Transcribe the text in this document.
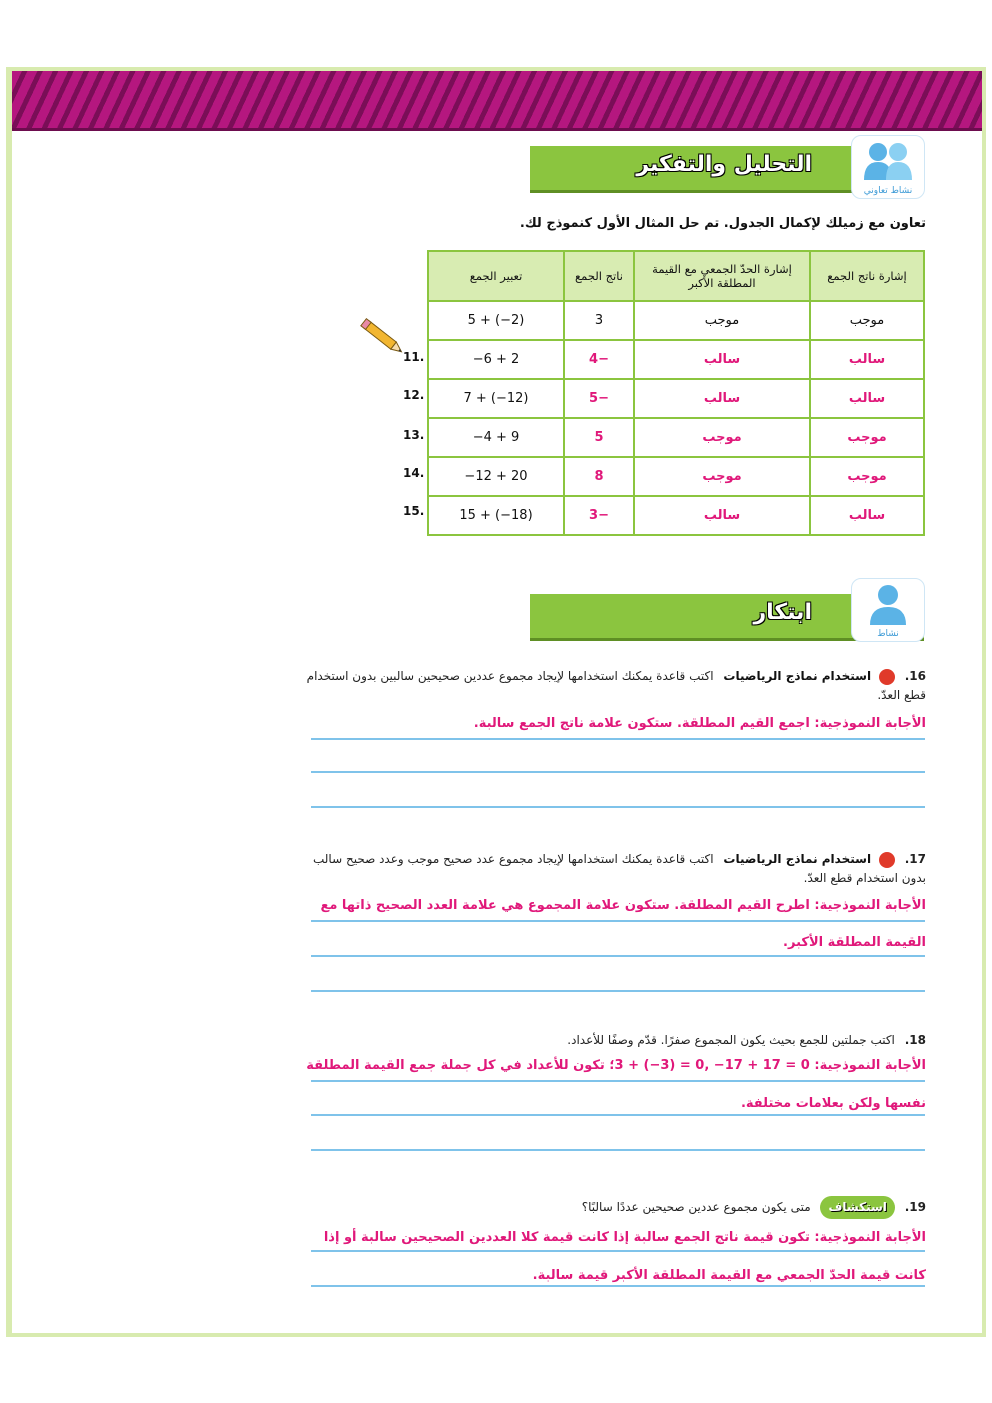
التحليل والتفكير
نشاط تعاوني
تعاون مع زميلك لإكمال الجدول. تم حل المثال الأول كنموذج لك.
إشارة ناتج الجمع	إشارة الحدّ الجمعي مع القيمة المطلقة الأكبر	ناتج الجمع	تعبير الجمع
موجب	موجب	3	5 + (−2)
سالب	سالب	−4	−6 + 2
سالب	سالب	−5	7 + (−12)
موجب	موجب	5	−4 + 9
موجب	موجب	8	−12 + 20
سالب	سالب	−3	15 + (−18)
11.
12.
13.
14.
15.
ابتكار
نشاط
16.  استخدام نماذج الرياضيات اكتب قاعدة يمكنك استخدامها لإيجاد مجموع عددين صحيحين سالبين بدون استخدام قطع العدّ.
الأجابة النموذجية: اجمع القيم المطلقة. ستكون علامة ناتج الجمع سالبة.
17.  استخدام نماذج الرياضيات اكتب قاعدة يمكنك استخدامها لإيجاد مجموع عدد صحيح موجب وعدد صحيح سالب بدون استخدام قطع العدّ.
الأجابة النموذجية: اطرح القيم المطلقة. ستكون علامة المجموع هي علامة العدد الصحيح ذاتها مع
القيمة المطلقة الأكبر.
18. اكتب جملتين للجمع بحيث يكون المجموع صفرًا. قدّم وصفًا للأعداد.
الأجابة النموذجية: 0 = 17 + 17− ,0 = (3−) + 3؛ تكون للأعداد في كل جملة جمع القيمة المطلقة
نفسها ولكن بعلامات مختلفة.
19. استكشاف متى يكون مجموع عددين صحيحين عددًا سالبًا؟
الأجابة النموذجية: تكون قيمة ناتج الجمع سالبة إذا كانت قيمة كلا العددين الصحيحين سالبة أو إذا
كانت قيمة الحدّ الجمعي مع القيمة المطلقة الأكبر قيمة سالبة.
